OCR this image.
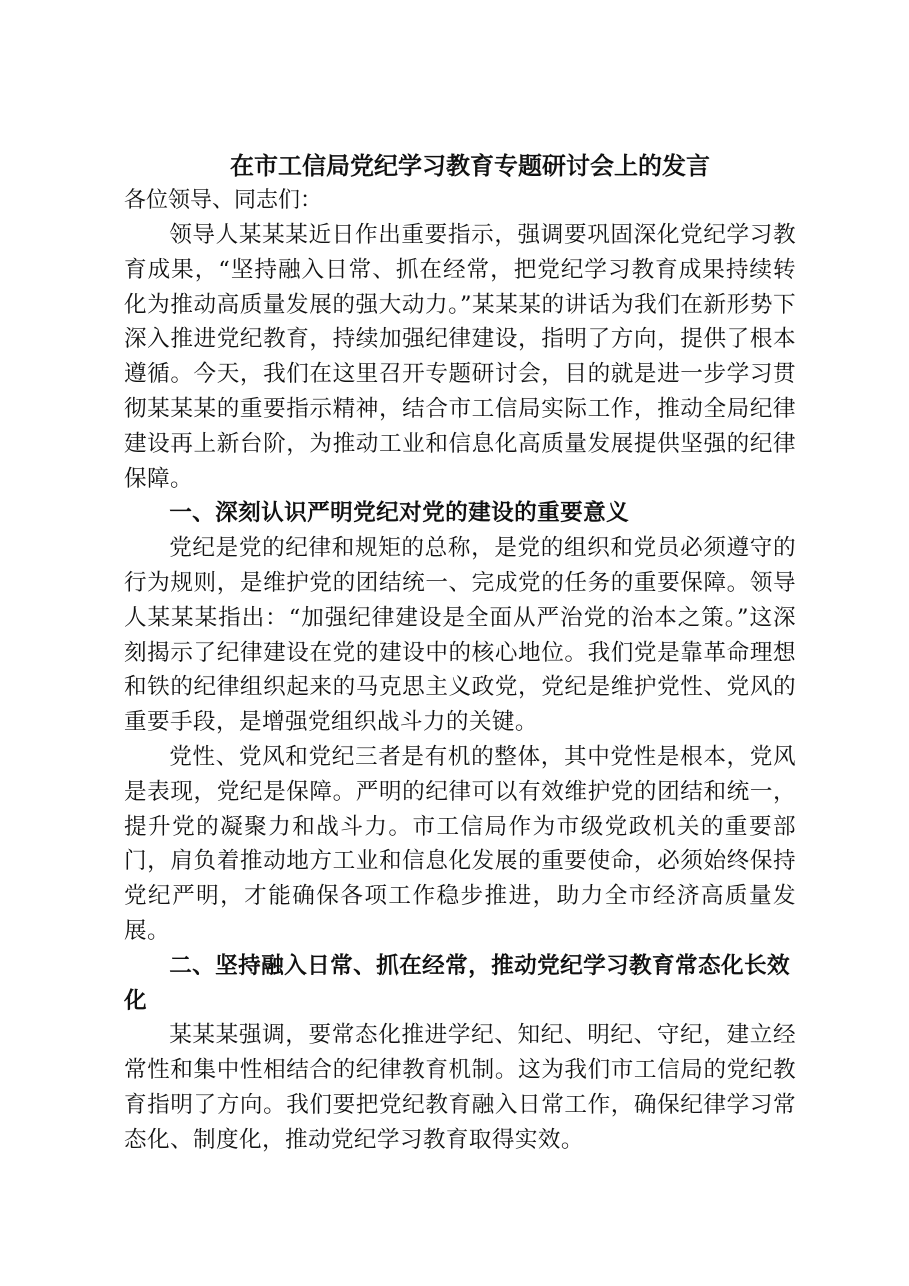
在市工信局党纪学习教育专题研讨会上的发言

各位领导、同志们：

领导人某某某近日作出重要指示，强调要巩固深化党纪学习教育成果，“坚持融入日常、抓在经常，把党纪学习教育成果持续转化为推动高质量发展的强大动力。”某某某的讲话为我们在新形势下深入推进党纪教育，持续加强纪律建设，指明了方向，提供了根本遵循。今天，我们在这里召开专题研讨会，目的就是进一步学习贯彻某某某的重要指示精神，结合市工信局实际工作，推动全局纪律建设再上新台阶，为推动工业和信息化高质量发展提供坚强的纪律保障。

一、深刻认识严明党纪对党的建设的重要意义

党纪是党的纪律和规矩的总称，是党的组织和党员必须遵守的行为规则，是维护党的团结统一、完成党的任务的重要保障。领导人某某某指出：“加强纪律建设是全面从严治党的治本之策。”这深刻揭示了纪律建设在党的建设中的核心地位。我们党是靠革命理想和铁的纪律组织起来的马克思主义政党，党纪是维护党性、党风的重要手段，是增强党组织战斗力的关键。

党性、党风和党纪三者是有机的整体，其中党性是根本，党风是表现，党纪是保障。严明的纪律可以有效维护党的团结和统一，提升党的凝聚力和战斗力。市工信局作为市级党政机关的重要部门，肩负着推动地方工业和信息化发展的重要使命，必须始终保持党纪严明，才能确保各项工作稳步推进，助力全市经济高质量发展。

二、坚持融入日常、抓在经常，推动党纪学习教育常态化长效化

某某某强调，要常态化推进学纪、知纪、明纪、守纪，建立经常性和集中性相结合的纪律教育机制。这为我们市工信局的党纪教育指明了方向。我们要把党纪教育融入日常工作，确保纪律学习常态化、制度化，推动党纪学习教育取得实效。
